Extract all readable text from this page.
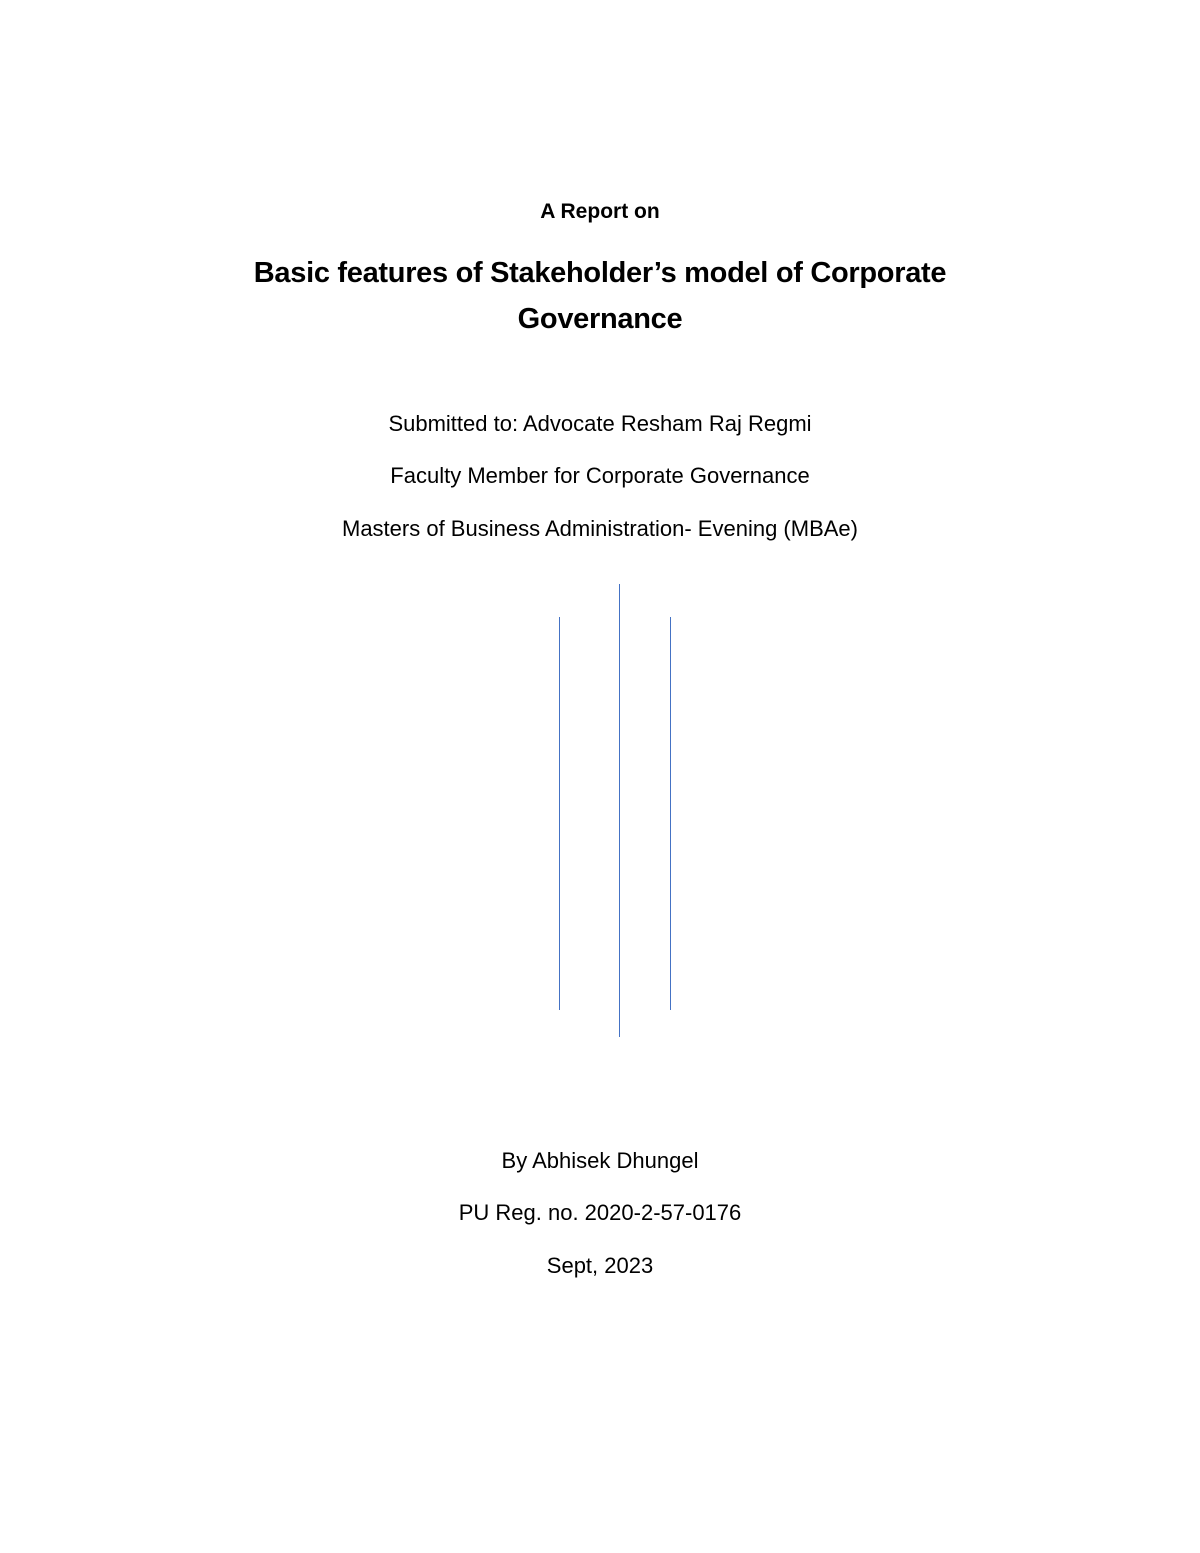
A Report on
Basic features of Stakeholder’s model of Corporate
Governance
Submitted to: Advocate Resham Raj Regmi
Faculty Member for Corporate Governance
Masters of Business Administration- Evening (MBAe)
By Abhisek Dhungel
PU Reg. no. 2020-2-57-0176
Sept, 2023
